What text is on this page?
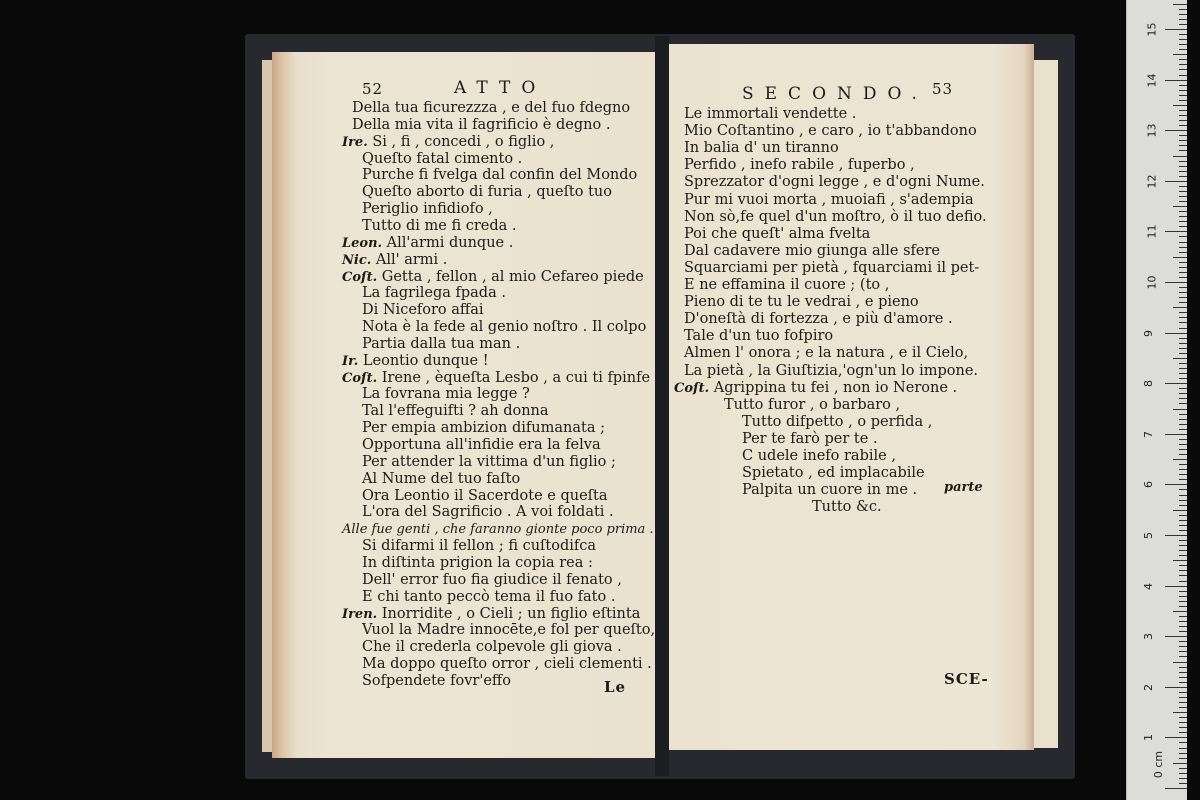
52	ATTO
Della tua ficurezzza , e del fuo fdegno
Della mia vita il fagrificio è degno .
Ire. Si , fi , concedi , o figlio ,
Queſto fatal cimento .
Purche fi fvelga dal confin del Mondo
Queſto aborto di furia , queſto tuo
Periglio infidiofo ,
Tutto di me fi creda .
Leon. All'armi dunque .
Nic. All' armi .
Coſt. Getta , fellon , al mio Cefareo piede
La fagrilega fpada .
Di Niceforo affai
Nota è la fede al genio noſtro . Il colpo
Partia dalla tua man .
Ir. Leontio dunque !
Coſt. Irene , èqueſta Lesbo , a cui ti fpinfe
La fovrana mia legge ?
Tal l'effeguifti ? ah donna
Per empia ambizion difumanata ;
Opportuna all'infidie era la felva
Per attender la vittima d'un figlio ;
Al Nume del tuo faſto
Ora Leontio il Sacerdote e queſta
L'ora del Sagrificio . A voi foldati .
Alle fue genti , che faranno gionte poco prima .
Si difarmi il fellon ; fi cuſtodifca
In diſtinta prigion la copia rea :
Dell' error fuo fia giudice il fenato ,
E chi tanto peccò tema il fuo fato .
Iren. Inorridite , o Cieli ; un figlio eſtinta
Vuol la Madre innocēte,e fol per queſto,
Che il crederla colpevole gli giova .
Ma doppo queſto orror , cieli clementi .
Sofpendete fovr'effo	Le
SECONDO. 53
Le immortali vendette .
Mio Coſtantino , e caro , io t'abbandono
In balia d' un tiranno
Perfido , inefo rabile , fuperbo ,
Sprezzator d'ogni legge , e d'ogni Nume.
Pur mi vuoi morta , muoiafi , s'adempia
Non sò,fe quel d'un moſtro, ò il tuo defio.
Poi che queſt' alma fvelta
Dal cadavere mio giunga alle sfere
Squarciami per pietà , fquarciami il pet-
E ne effamina il cuore ; (to ,
Pieno di te tu le vedrai , e pieno
D'oneſtà di fortezza , e più d'amore .
Tale d'un tuo fofpiro
Almen l' onora ; e la natura , e il Cielo,
La pietà , la Giuſtizia,'ogn'un lo impone.
Coſt. Agrippina tu fei , non io Nerone .
Tutto furor , o barbaro ,
Tutto difpetto , o perfida ,
Per te farò per te .
C udele inefo rabile ,
Spietato , ed implacabile
Palpita un cuore in me .
Tutto &c.
parte
SCE-
1
2
3
4
5
6
7
8
9
10
11
12
13
14
15
0 cm
